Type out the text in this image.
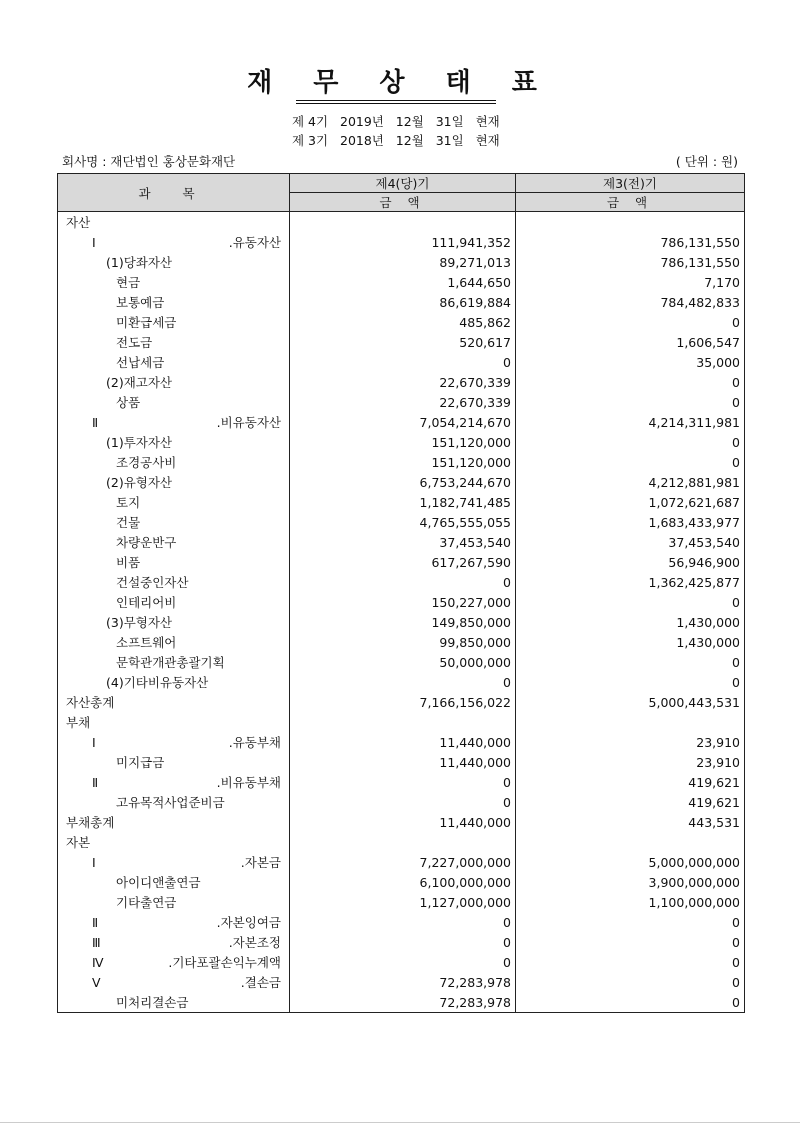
재 무 상 태 표
제 4기   2019년   12월   31일   현재
제 3기   2018년   12월   31일   현재
회사명 : 재단법인 홍상문화재단	( 단위 : 원)
과 목	제4(당)기		제3(전)기	
	금 액		금 액	

자산				

Ⅰ.유동자산		111,941,352		786,131,550

(1)당좌자산		89,271,013		786,131,550

현금		1,644,650		7,170

보통예금		86,619,884		784,482,833

미환급세금		485,862		0

전도금		520,617		1,606,547

선납세금		0		35,000

(2)재고자산		22,670,339		0

상품		22,670,339		0

Ⅱ.비유동자산		7,054,214,670		4,214,311,981

(1)투자자산		151,120,000		0

조경공사비		151,120,000		0

(2)유형자산		6,753,244,670		4,212,881,981

토지		1,182,741,485		1,072,621,687

건물		4,765,555,055		1,683,433,977

차량운반구		37,453,540		37,453,540

비품		617,267,590		56,946,900

건설중인자산		0		1,362,425,877

인테리어비		150,227,000		0

(3)무형자산		149,850,000		1,430,000

소프트웨어		99,850,000		1,430,000

문학관개관총괄기획		50,000,000		0

(4)기타비유동자산		0		0

자산총계		7,166,156,022		5,000,443,531

부채				

Ⅰ.유동부채		11,440,000		23,910

미지급금		11,440,000		23,910

Ⅱ.비유동부채		0		419,621

고유목적사업준비금		0		419,621

부채총계		11,440,000		443,531

자본				

Ⅰ.자본금		7,227,000,000		5,000,000,000

아이디앤출연금		6,100,000,000		3,900,000,000

기타출연금		1,127,000,000		1,100,000,000

Ⅱ.자본잉여금		0		0

Ⅲ.자본조정		0		0

Ⅳ.기타포괄손익누계액		0		0

Ⅴ.결손금		72,283,978		0

미처리결손금		72,283,978		0
